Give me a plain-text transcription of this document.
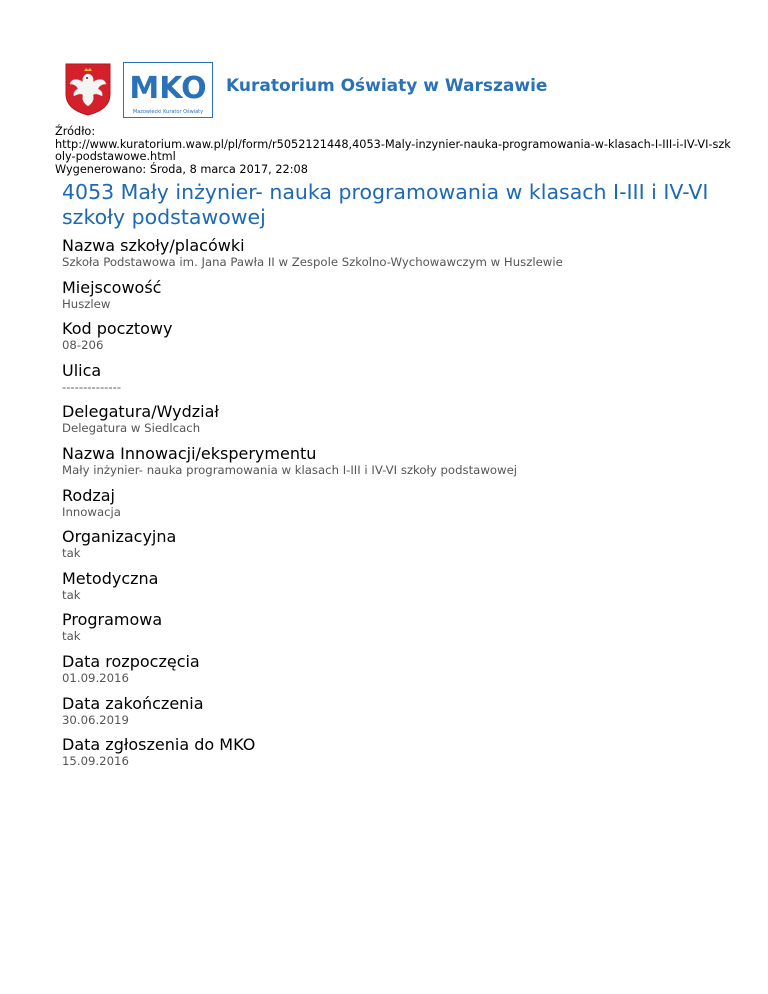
MKO
Mazowiecki Kurator Oświaty
Kuratorium Oświaty w Warszawie
Źródło:
http://www.kuratorium.waw.pl/pl/form/r5052121448,4053-Maly-inzynier-nauka-programowania-w-klasach-I-III-i-IV-VI-szkoly-podstawowe.html
Wygenerowano: Środa, 8 marca 2017, 22:08
4053 Mały inżynier- nauka programowania w klasach I-III i IV-VI szkoły podstawowej
Nazwa szkoły/placówki
Szkoła Podstawowa im. Jana Pawła II w Zespole Szkolno-Wychowawczym w Huszlewie
Miejscowość
Huszlew
Kod pocztowy
08-206
Ulica
--------------
Delegatura/Wydział
Delegatura w Siedlcach
Nazwa Innowacji/eksperymentu
Mały inżynier- nauka programowania w klasach I-III i IV-VI szkoły podstawowej
Rodzaj
Innowacja
Organizacyjna
tak
Metodyczna
tak
Programowa
tak
Data rozpoczęcia
01.09.2016
Data zakończenia
30.06.2019
Data zgłoszenia do MKO
15.09.2016
